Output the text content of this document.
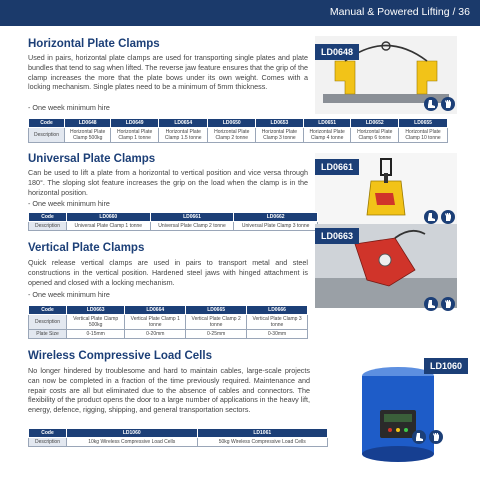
Manual & Powered Lifting / 36
Horizontal Plate Clamps
Used in pairs, horizontal plate clamps are used for transporting single plates and plate bundles that tend to sag when lifted. The reverse jaw feature ensures that the grip of the clamp increases the more that the plate bows under its own weight. Comes with a locking mechanism. Single plates need to be a minimum of 5mm thickness.
- One week minimum hire
LD0648
Code	LD0648	LD0649	LD0654	LD0650	LD0653	LD0651	LD0652	LD0655
Description	Horizontal Plate Clamp 500kg	Horizontal Plate Clamp 1 tonne	Horizontal Plate Clamp 1.5 tonne	Horizontal Plate Clamp 2 tonne	Horizontal Plate Clamp 3 tonne	Horizontal Plate Clamp 4 tonne	Horizontal Plate Clamp 6 tonne	Horizontal Plate Clamp 10 tonne
Universal Plate Clamps
Can be used to lift a plate from a horizontal to vertical position and vice versa through 180°. The sloping slot feature increases the grip on the load when the clamp is in the horizontal position.
- One week minimum hire
LD0661
Code	LD0660	LD0661	LD0662
Description	Universal Plate Clamp 1 tonne	Universal Plate Clamp 2 tonne	Universal Plate Clamp 3 tonne
Vertical Plate Clamps
Quick release vertical clamps are used in pairs to transport metal and steel constructions in the vertical position. Hardened steel jaws with hinged attachment is opened and closed with a locking mechanism.
- One week minimum hire
LD0663
Code	LD0663	LD0664	LD0665	LD0666
Description	Vertical Plate Clamp 500kg	Vertical Plate Clamp 1 tonne	Vertical Plate Clamp 2 tonne	Vertical Plate Clamp 3 tonne
Plate Size	0-15mm	0-20mm	0-25mm	0-30mm
Wireless Compressive Load Cells
No longer hindered by troublesome and hard to maintain cables, large-scale projects can now be completed in a fraction of the time previously required. Maintenance and repair costs are all but eliminated due to the absence of cables and connectors. The flexibility of the product opens the door to a large number of applications in the heavy lift, energy, defence, rigging, shipping, and general transportation sectors.
LD1060
Code	LD1060	LD1061
Description	10kg Wireless Compressive Load Cells	50kg Wireless Compressive Load Cells
